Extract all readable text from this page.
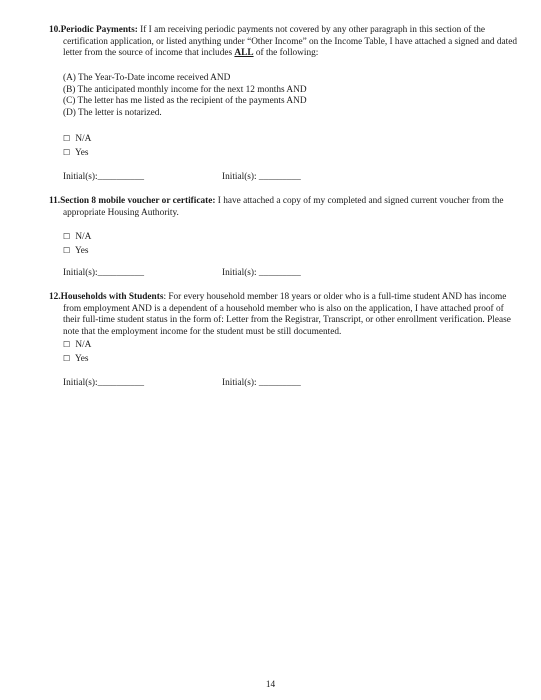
10.Periodic Payments: If I am receiving periodic payments not covered by any other paragraph in this section of the certification application, or listed anything under “Other Income” on the Income Table, I have attached a signed and dated letter from the source of income that includes ALL of the following:
(A) The Year-To-Date income received AND
(B) The anticipated monthly income for the next 12 months AND
(C) The letter has me listed as the recipient of the payments AND
(D) The letter is notarized.
☐ N/A
☐ Yes
Initial(s):__________	Initial(s): _________
11.Section 8 mobile voucher or certificate: I have attached a copy of my completed and signed current voucher from the appropriate Housing Authority.
☐ N/A
☐ Yes
Initial(s):__________	Initial(s): _________
12.Households with Students: For every household member 18 years or older who is a full-time student AND has income from employment AND is a dependent of a household member who is also on the application, I have attached proof of their full-time student status in the form of: Letter from the Registrar, Transcript, or other enrollment verification. Please note that the employment income for the student must be still documented.
☐ N/A
☐ Yes
Initial(s):__________	Initial(s): _________
14
